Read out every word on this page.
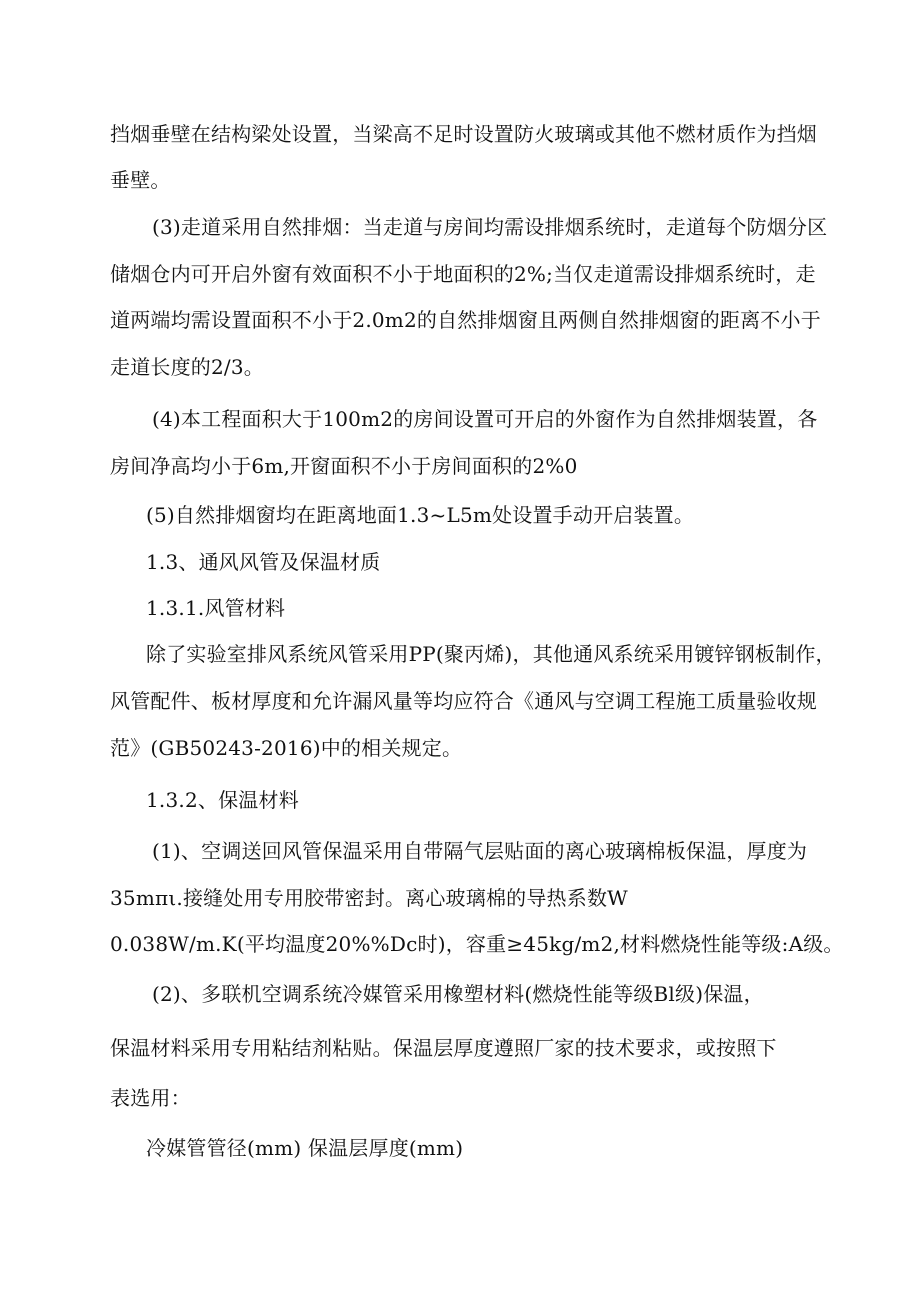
挡烟垂壁在结构梁处设置，当梁高不足时设置防火玻璃或其他不燃材质作为挡烟
垂壁。
(3)走道采用自然排烟：当走道与房间均需设排烟系统时，走道每个防烟分区
储烟仓内可开启外窗有效面积不小于地面积的2%;当仅走道需设排烟系统时，走
道两端均需设置面积不小于2.0m2的自然排烟窗且两侧自然排烟窗的距离不小于
走道长度的2/3。
(4)本工程面积大于100m2的房间设置可开启的外窗作为自然排烟装置，各
房间净高均小于6m,开窗面积不小于房间面积的2%0
(5)自然排烟窗均在距离地面1.3~L5m处设置手动开启装置。
1.3、通风风管及保温材质
1.3.1.风管材料
除了实验室排风系统风管采用PP(聚丙烯)，其他通风系统采用镀锌钢板制作，
风管配件、板材厚度和允许漏风量等均应符合《通风与空调工程施工质量验收规
范》(GB50243-2016)中的相关规定。
1.3.2、保温材料
(1)、空调送回风管保温采用自带隔气层贴面的离心玻璃棉板保温，厚度为
35mπι.接缝处用专用胶带密封。离心玻璃棉的导热系数W
0.038W/m.K(平均温度20%%Dc时)，容重≥45kg/m2,材料燃烧性能等级:A级。
(2)、多联机空调系统冷媒管采用橡塑材料(燃烧性能等级Bl级)保温，
保温材料采用专用粘结剂粘贴。保温层厚度遵照厂家的技术要求，或按照下
表选用：
冷媒管管径(mm) 保温层厚度(mm)
